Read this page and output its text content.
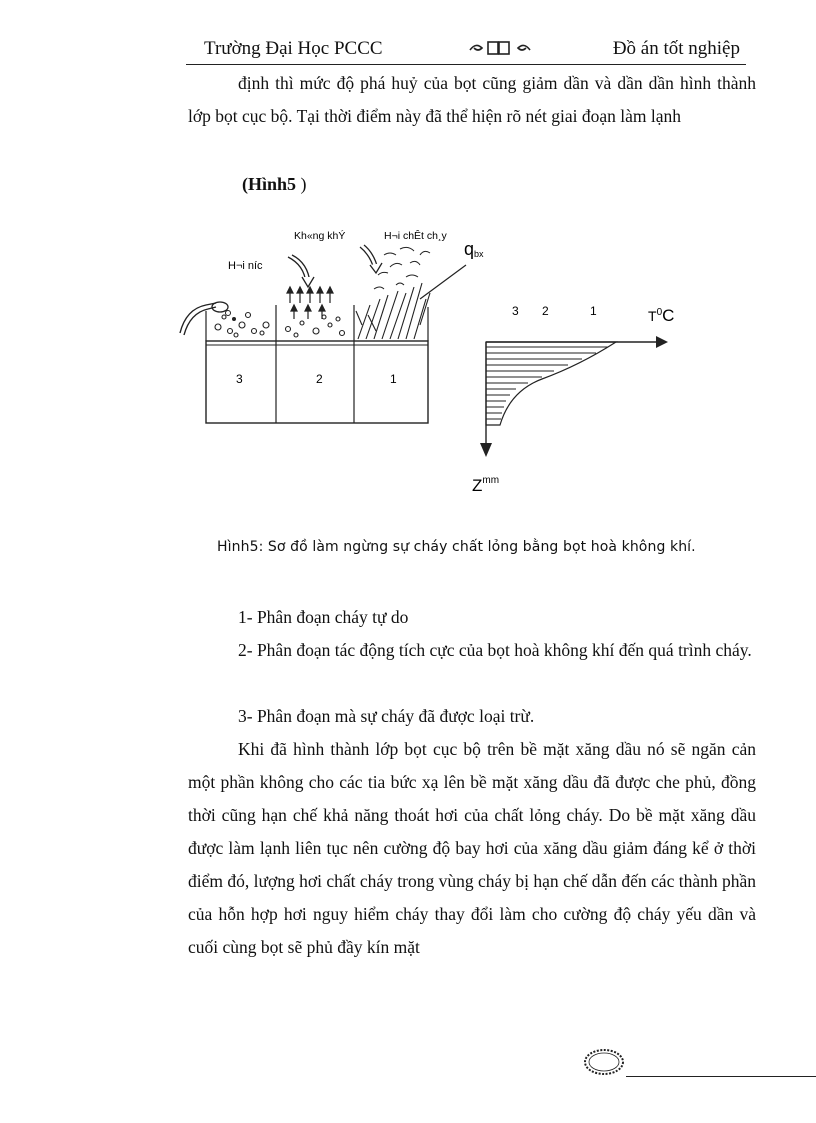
Trường Đại Học PCCC	Đồ án tốt nghiệp
định thì mức độ phá huỷ của bọt cũng giảm dần và dần dần hình thành lớp bọt cục bộ. Tại thời điểm này đã thể hiện rõ nét giai đoạn làm lạnh
(Hình5 )
H¬i níc
Kh«ng khÝ	H¬i chÊt ch¸y
q bx
3	2	1
3 2	1	$T^0C$
$Z^{mm}$
Hình5: Sơ đồ làm ngừng sự cháy chất lỏng bằng bọt hoà không khí.
1- Phân đoạn cháy tự do
2- Phân đoạn tác động tích cực của bọt hoà không khí đến quá trình cháy.
3- Phân đoạn mà sự cháy đã được loại trừ.
Khi đã hình thành lớp bọt cục bộ trên bề mặt xăng dầu nó sẽ ngăn cản một phần không cho các tia bức xạ lên bề mặt xăng dầu đã được che phủ, đồng thời cũng hạn chế khả năng thoát hơi của chất lỏng cháy. Do bề mặt xăng dầu được làm lạnh liên tục nên cường độ bay hơi của xăng dầu giảm đáng kể ở thời điểm đó, lượng hơi chất cháy trong vùng cháy bị hạn chế dẫn đến các thành phần của hỗn hợp hơi nguy hiểm cháy thay đổi làm cho cường độ cháy yếu dần và cuối cùng bọt sẽ phủ đầy kín mặt
